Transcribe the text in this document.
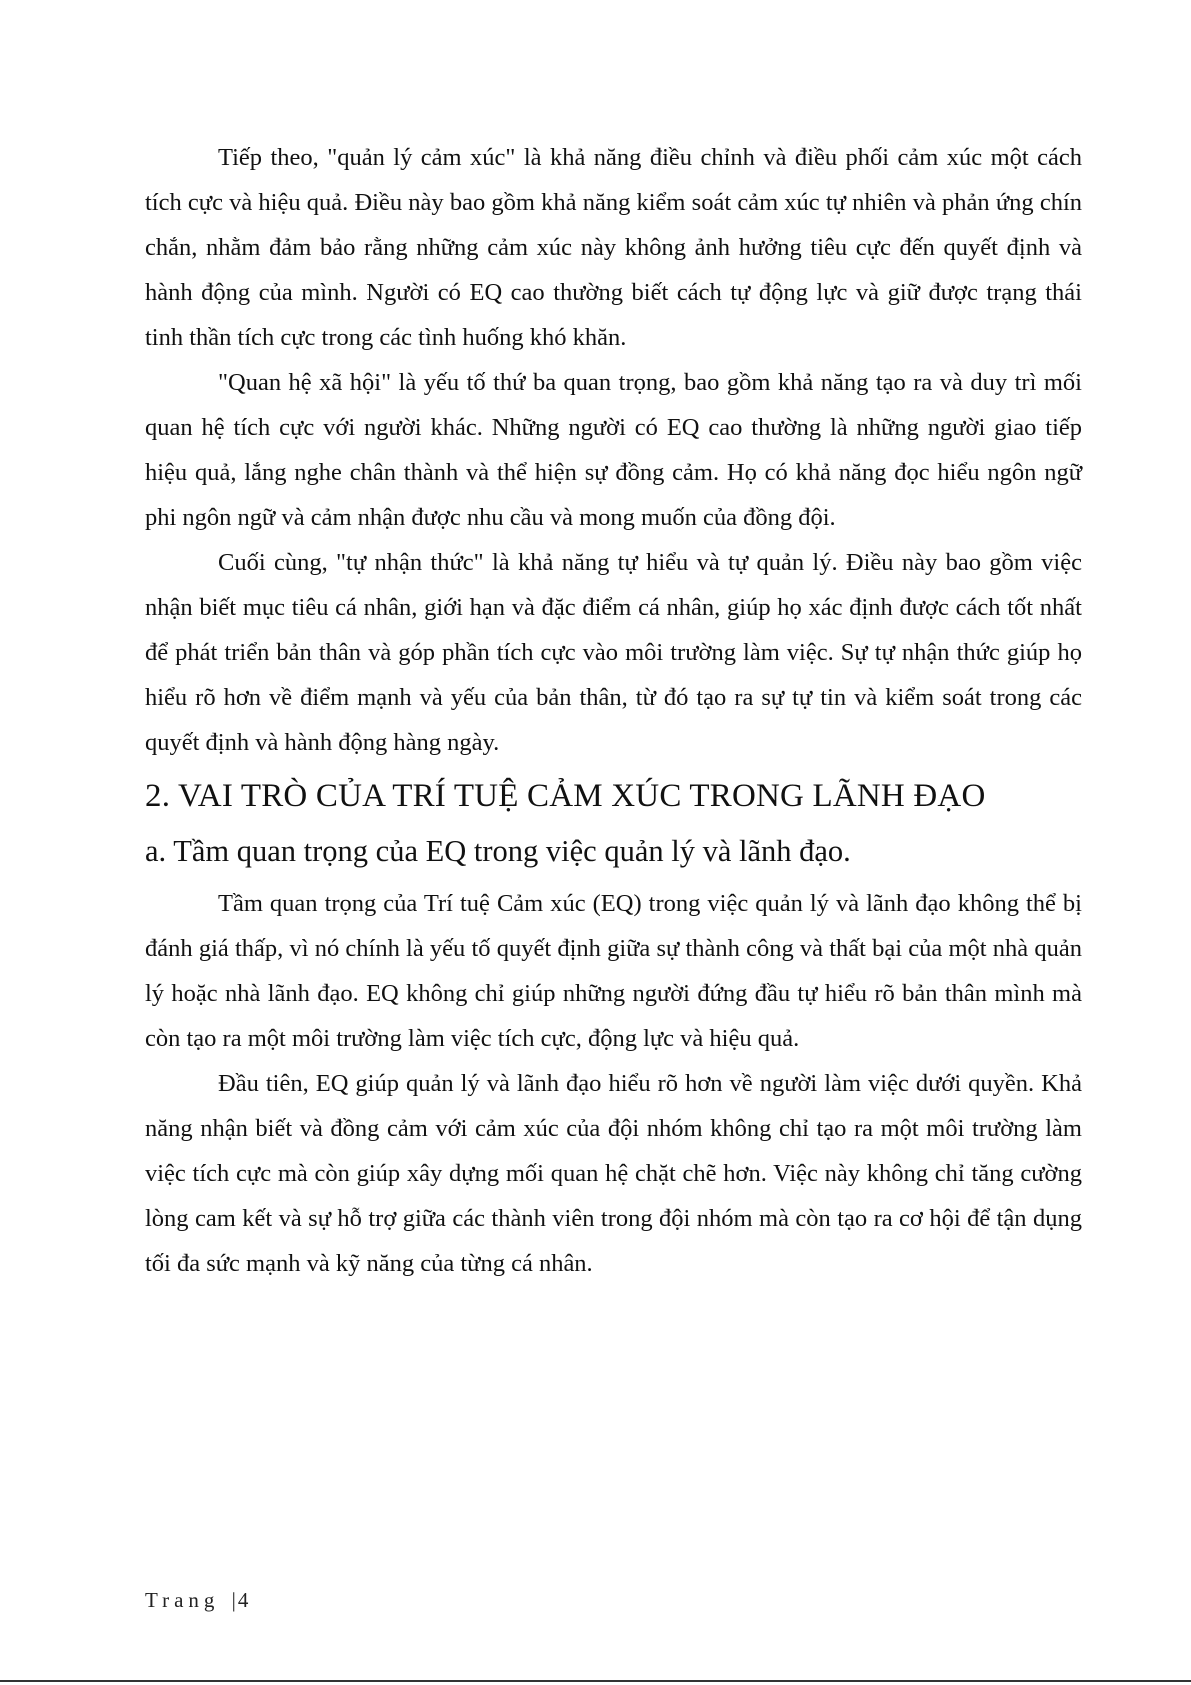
Tiếp theo, "quản lý cảm xúc" là khả năng điều chỉnh và điều phối cảm xúc một cách tích cực và hiệu quả. Điều này bao gồm khả năng kiểm soát cảm xúc tự nhiên và phản ứng chín chắn, nhằm đảm bảo rằng những cảm xúc này không ảnh hưởng tiêu cực đến quyết định và hành động của mình. Người có EQ cao thường biết cách tự động lực và giữ được trạng thái tinh thần tích cực trong các tình huống khó khăn.

"Quan hệ xã hội" là yếu tố thứ ba quan trọng, bao gồm khả năng tạo ra và duy trì mối quan hệ tích cực với người khác. Những người có EQ cao thường là những người giao tiếp hiệu quả, lắng nghe chân thành và thể hiện sự đồng cảm. Họ có khả năng đọc hiểu ngôn ngữ phi ngôn ngữ và cảm nhận được nhu cầu và mong muốn của đồng đội.

Cuối cùng, "tự nhận thức" là khả năng tự hiểu và tự quản lý. Điều này bao gồm việc nhận biết mục tiêu cá nhân, giới hạn và đặc điểm cá nhân, giúp họ xác định được cách tốt nhất để phát triển bản thân và góp phần tích cực vào môi trường làm việc. Sự tự nhận thức giúp họ hiểu rõ hơn về điểm mạnh và yếu của bản thân, từ đó tạo ra sự tự tin và kiểm soát trong các quyết định và hành động hàng ngày.

2. VAI TRÒ CỦA TRÍ TUỆ CẢM XÚC TRONG LÃNH ĐẠO
a. Tầm quan trọng của EQ trong việc quản lý và lãnh đạo.

Tầm quan trọng của Trí tuệ Cảm xúc (EQ) trong việc quản lý và lãnh đạo không thể bị đánh giá thấp, vì nó chính là yếu tố quyết định giữa sự thành công và thất bại của một nhà quản lý hoặc nhà lãnh đạo. EQ không chỉ giúp những người đứng đầu tự hiểu rõ bản thân mình mà còn tạo ra một môi trường làm việc tích cực, động lực và hiệu quả.

Đầu tiên, EQ giúp quản lý và lãnh đạo hiểu rõ hơn về người làm việc dưới quyền. Khả năng nhận biết và đồng cảm với cảm xúc của đội nhóm không chỉ tạo ra một môi trường làm việc tích cực mà còn giúp xây dựng mối quan hệ chặt chẽ hơn. Việc này không chỉ tăng cường lòng cam kết và sự hỗ trợ giữa các thành viên trong đội nhóm mà còn tạo ra cơ hội để tận dụng tối đa sức mạnh và kỹ năng của từng cá nhân.

Trang |4
